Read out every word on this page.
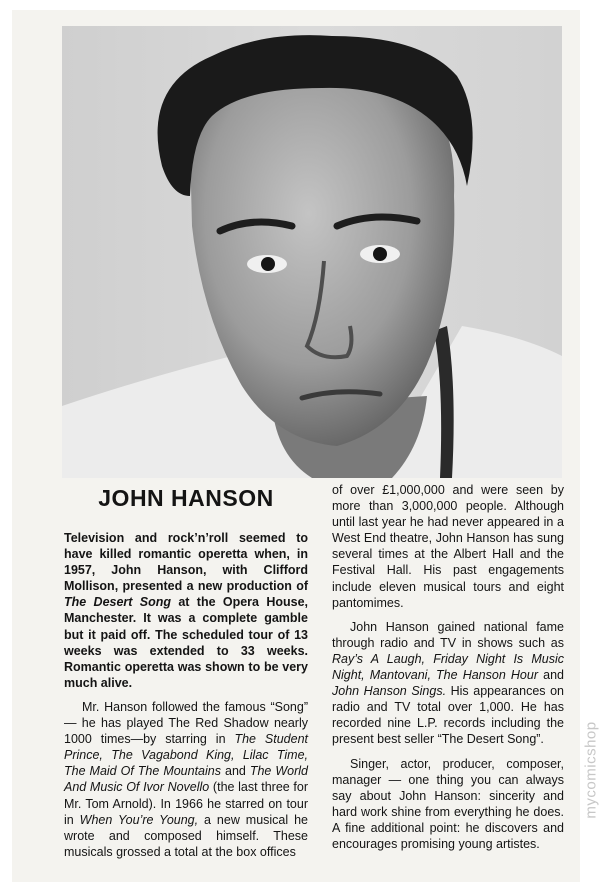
JOHN HANSON

Television and rock’n’roll seemed to have killed romantic operetta when, in 1957, John Hanson, with Clifford Mollison, presented a new production of The Desert Song at the Opera House, Manchester. It was a complete gamble but it paid off. The scheduled tour of 13 weeks was extended to 33 weeks. Romantic operetta was shown to be very much alive.

Mr. Hanson followed the famous “Song” — he has played The Red Shadow nearly 1000 times—by starring in The Student Prince, The Vagabond King, Lilac Time, The Maid Of The Mountains and The World And Music Of Ivor Novello (the last three for Mr. Tom Arnold). In 1966 he starred on tour in When You’re Young, a new musical he wrote and composed himself. These musicals grossed a total at the box offices

of over £1,000,000 and were seen by more than 3,000,000 people. Although until last year he had never appeared in a West End theatre, John Hanson has sung several times at the Albert Hall and the Festival Hall. His past engagements include eleven musical tours and eight pantomimes.

John Hanson gained national fame through radio and TV in shows such as Ray’s A Laugh, Friday Night Is Music Night, Mantovani, The Hanson Hour and John Hanson Sings. His appearances on radio and TV total over 1,000. He has recorded nine L.P. records including the present best seller “The Desert Song”.

Singer, actor, producer, composer, manager — one thing you can always say about John Hanson: sincerity and hard work shine from everything he does. A fine additional point: he discovers and encourages promising young artistes.

mycomicshop
